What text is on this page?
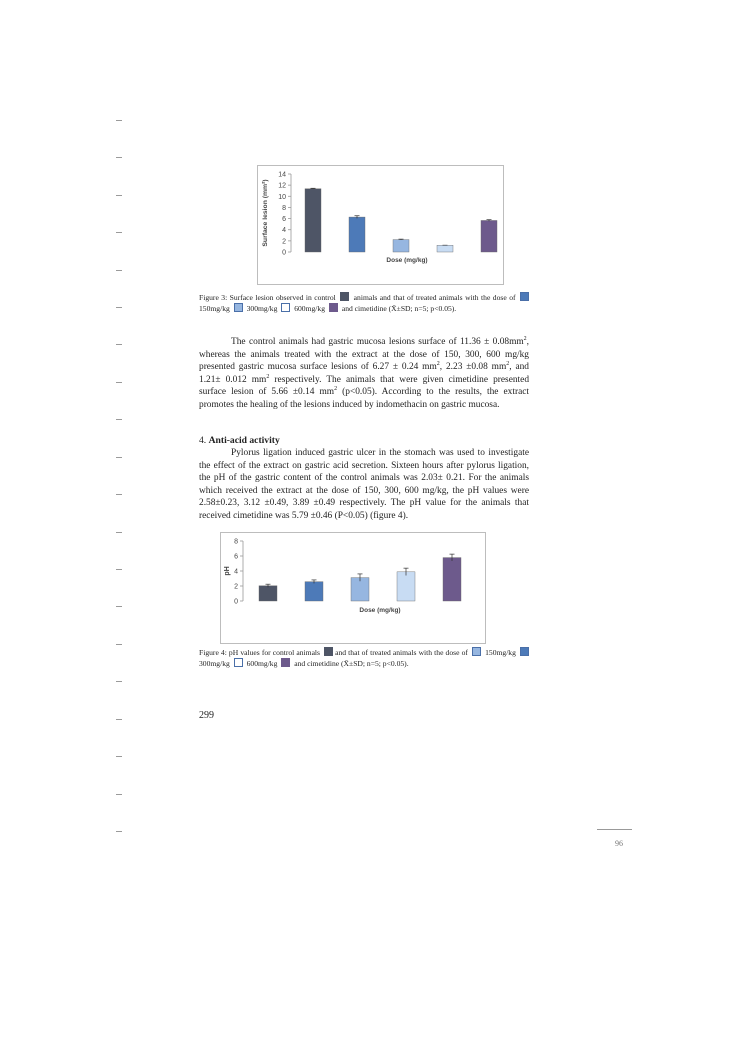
14
12
10
8
6
4
2
0
Surface lesion (mm²)
Dose (mg/kg)
Figure 3: Surface lesion observed in control  animals and that of treated animals with the dose of  150mg/kg  300mg/kg  600mg/kg  and cimetidine (X̄±SD; n=5; p<0.05).

The control animals had gastric mucosa lesions surface of $11.36 \pm 0.08mm^2$, whereas the animals treated with the extract at the dose of 150, 300, 600 mg/kg presented gastric mucosa surface lesions of 6.27 ± 0.24 $mm^2$, 2.23 ±0.08 $mm^2$, and 1.21± 0.012 $mm^2$ respectively. The animals that were given cimetidine presented surface lesion of 5.66 ±0.14 $mm^2$ (p<0.05). According to the results, the extract promotes the healing of the lesions induced by indomethacin on gastric mucosa.

4. Anti-acid activity

Pylorus ligation induced gastric ulcer in the stomach was used to investigate the effect of the extract on gastric acid secretion. Sixteen hours after pylorus ligation, the pH of the gastric content of the control animals was 2.03± 0.21. For the animals which received the extract at the dose of 150, 300, 600 mg/kg, the pH values were 2.58±0.23, 3.12 ±0.49, 3.89 ±0.49 respectively. The pH value for the animals that received cimetidine was 5.79 ±0.46 (P<0.05) (figure 4).

8
6
4
2
0
pH
Dose (mg/kg)
Figure 4: pH values for control animals and that of treated animals with the dose of  150mg/kg 300mg/kg  600mg/kg  and cimetidine (X̄±SD; n=5; p<0.05).
299
96
